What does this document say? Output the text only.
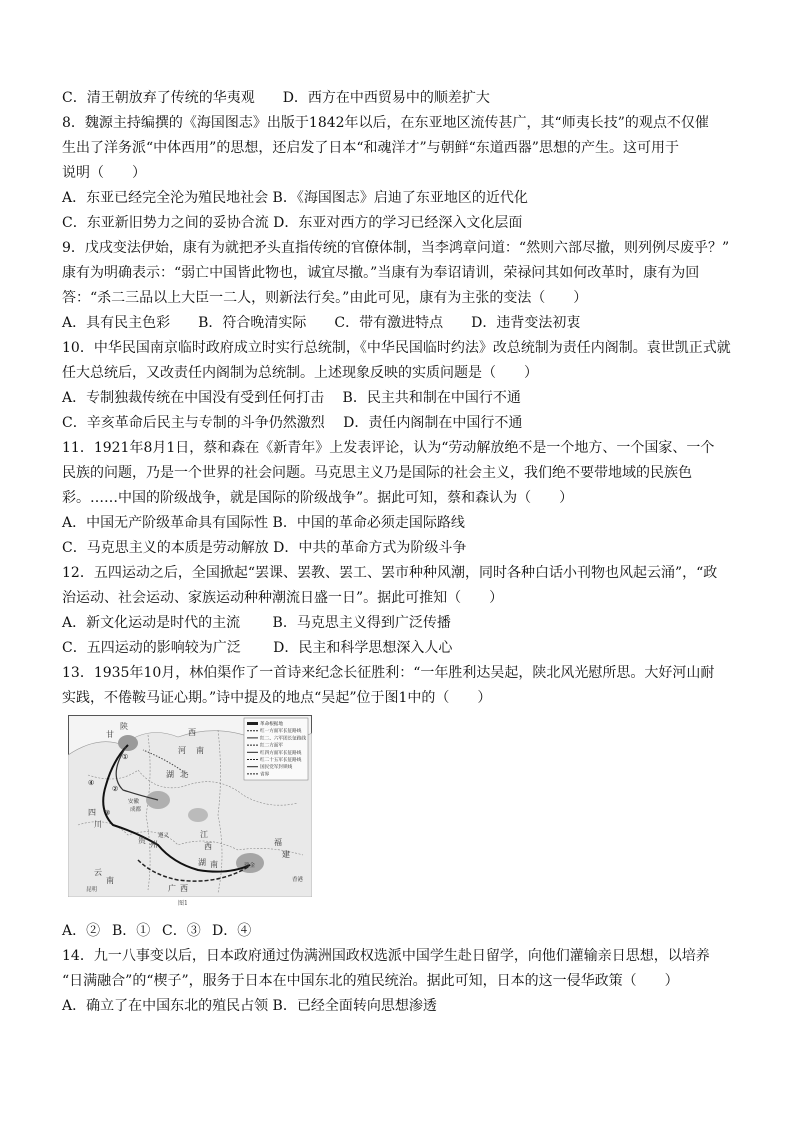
C．清王朝放弃了传统的华夷观　　D．西方在中西贸易中的顺差扩大
8．魏源主持编撰的《海国图志》出版于1842年以后，在东亚地区流传甚广，其“师夷长技”的观点不仅催
生出了洋务派“中体西用”的思想，还启发了日本“和魂洋才”与朝鲜“东道西器”思想的产生。这可用于
说明（　　）
A．东亚已经完全沦为殖民地社会 B．《海国图志》启迪了东亚地区的近代化
C．东亚新旧势力之间的妥协合流 D．东亚对西方的学习已经深入文化层面
9．戊戌变法伊始，康有为就把矛头直指传统的官僚体制，当李鸿章问道：“然则六部尽撤，则列例尽废乎？”
康有为明确表示：“弱亡中国皆此物也，诚宜尽撤。”当康有为奉诏请训，荣禄问其如何改革时，康有为回
答：“杀二三品以上大臣一二人，则新法行矣。”由此可见，康有为主张的变法（　　）
A．具有民主色彩　　B．符合晚清实际　　C．带有激进特点　　D．违背变法初衷
10．中华民国南京临时政府成立时实行总统制，《中华民国临时约法》改总统制为责任内阁制。袁世凯正式就
任大总统后，又改责任内阁制为总统制。上述现象反映的实质问题是（　　）
A．专制独裁传统在中国没有受到任何打击　 B．民主共和制在中国行不通
C．辛亥革命后民主与专制的斗争仍然激烈　 D．责任内阁制在中国行不通
11．1921年8月1日，蔡和森在《新青年》上发表评论，认为“劳动解放绝不是一个地方、一个国家、一个
民族的问题，乃是一个世界的社会问题。马克思主义乃是国际的社会主义，我们绝不要带地域的民族色
彩。……中国的阶级战争，就是国际的阶级战争”。据此可知，蔡和森认为（　　）
A．中国无产阶级革命具有国际性 B．中国的革命必须走国际路线
C．马克思主义的本质是劳动解放 D．中共的革命方式为阶级斗争
12．五四运动之后，全国掀起“罢课、罢教、罢工、罢市种种风潮，同时各种白话小刊物也风起云涌”，“政
治运动、社会运动、家族运动种种潮流日盛一日”。据此可推知（　　）
A．新文化运动是时代的主流　　 B．马克思主义得到广泛传播
C．五四运动的影响较为广泛　　 D．民主和科学思想深入人心
13．1935年10月，林伯渠作了一首诗来纪念长征胜利：“一年胜利达吴起，陕北风光慰所思。大好河山耐
实践，不倦鞍马证心期。”诗中提及的地点“吴起”位于图1中的（　　）
革命根据地
红一方面军长征路线
红二、六军团长征路线
红二方面军
红四方面军长征路线
红二十五军长征路线
国民党军封锁线
省界
甘
陕
西
河 南
湖 北
成都
江
西	福
建
瑞金
遵义
贵 州
广 西
湖 南
云
南
昆明
四
川
安徽
香港
①
②
③
④
图1
A．② B．① C．③ D．④
14．九一八事变以后，日本政府通过伪满洲国政权选派中国学生赴日留学，向他们灌输亲日思想，以培养
“日满融合”的“楔子”，服务于日本在中国东北的殖民统治。据此可知，日本的这一侵华政策（　　）
A．确立了在中国东北的殖民占领 B．已经全面转向思想渗透
